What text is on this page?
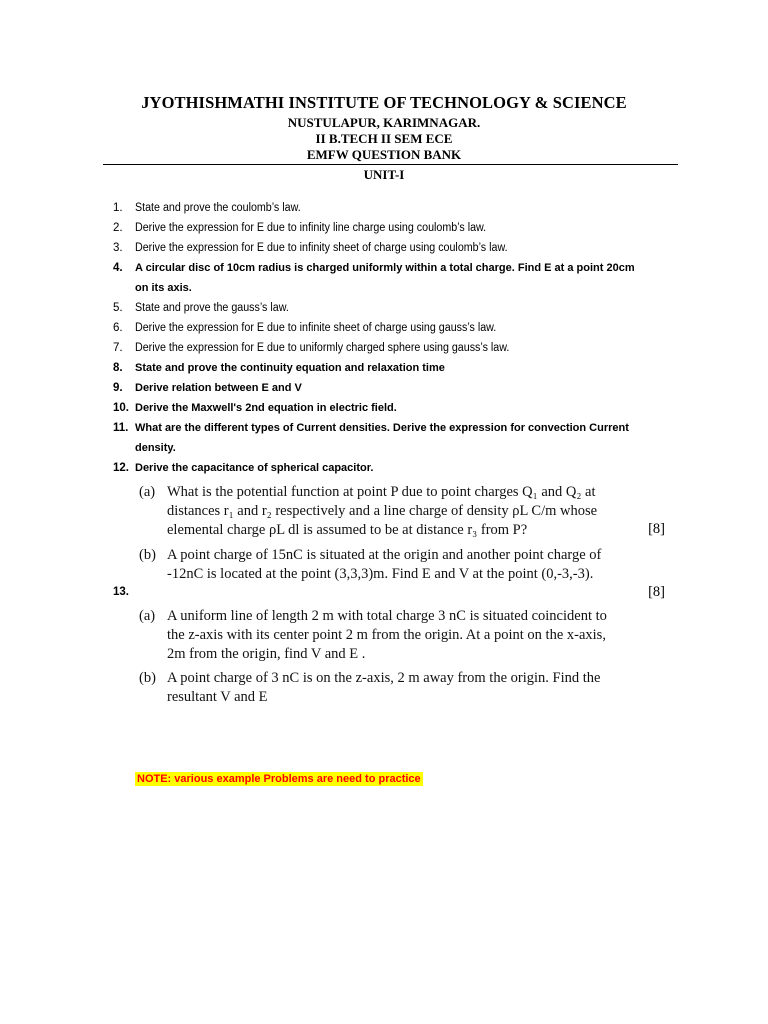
JYOTHISHMATHI INSTITUTE OF TECHNOLOGY & SCIENCE
NUSTULAPUR, KARIMNAGAR.
II B.TECH II SEM ECE
EMFW QUESTION BANK
UNIT-I
1.	State and prove the coulomb’s law.
2.	Derive the expression for E due to infinity line charge using coulomb’s law.
3.	Derive the expression for E due to infinity sheet of charge using coulomb’s law.
4.	A circular disc of 10cm radius is charged uniformly within a total charge. Find E at a point 20cm
on its axis.
5.	State and prove the gauss’s law.
6.	Derive the expression for E due to infinite sheet of charge using gauss’s law.
7.	Derive the expression for E due to uniformly charged sphere using gauss’s law.
8.	State and prove the continuity equation and relaxation time
9.	Derive relation between E and V
10. Derive the Maxwell's 2nd equation in electric field.
11. What are the different types of Current densities. Derive the expression for convection Current
density.
12. Derive the capacitance of spherical capacitor.
(a) What is the potential function at point P due to point charges Q₁ and Q₂ at
distances r₁ and r₂ respectively and a line charge of density ρL C/m whose
elemental charge ρL dl is assumed to be at distance r₃ from P?	[8]
(b) A point charge of 15nC is situated at the origin and another point charge of
-12nC is located at the point (3,3,3)m. Find E and V at the point (0,-3,-3).
[8]
13.
(a) A uniform line of length 2 m with total charge 3 nC is situated coincident to
the z-axis with its center point 2 m from the origin. At a point on the x-axis,
2m from the origin, find V and E .
(b) A point charge of 3 nC is on the z-axis, 2 m away from the origin. Find the
resultant V and E
NOTE: various example Problems are need to practice
